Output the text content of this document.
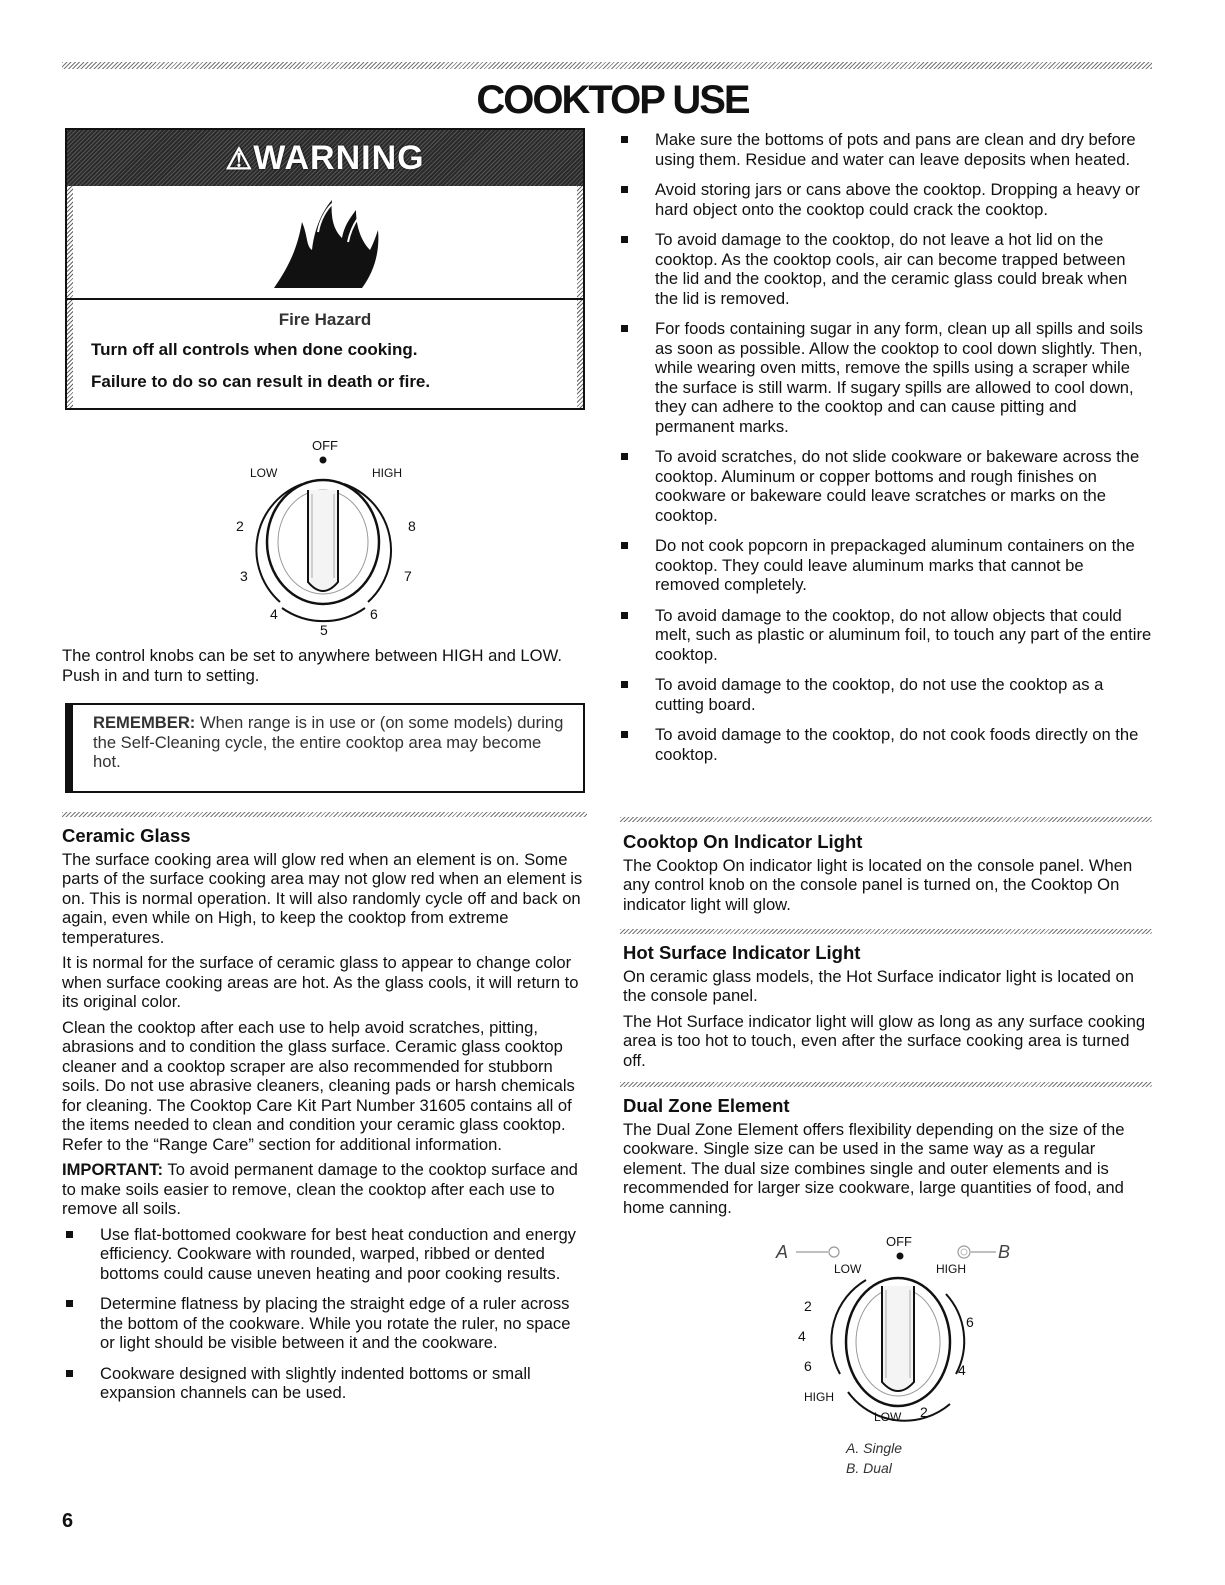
COOKTOP USE
⚠WARNING
Fire Hazard
Turn off all controls when done cooking.
Failure to do so can result in death or fire.
OFF
LOW	HIGH
2
3
4
5
6
7
8

The control knobs can be set to anywhere between HIGH and LOW. Push in and turn to setting.

REMEMBER: When range is in use or (on some models) during the Self-Cleaning cycle, the entire cooktop area may become hot.
Ceramic Glass

The surface cooking area will glow red when an element is on. Some parts of the surface cooking area may not glow red when an element is on. This is normal operation. It will also randomly cycle off and back on again, even while on High, to keep the cooktop from extreme temperatures.

It is normal for the surface of ceramic glass to appear to change color when surface cooking areas are hot. As the glass cools, it will return to its original color.

Clean the cooktop after each use to help avoid scratches, pitting, abrasions and to condition the glass surface. Ceramic glass cooktop cleaner and a cooktop scraper are also recommended for stubborn soils. Do not use abrasive cleaners, cleaning pads or harsh chemicals for cleaning. The Cooktop Care Kit Part Number 31605 contains all of the items needed to clean and condition your ceramic glass cooktop. Refer to the “Range Care” section for additional information.

IMPORTANT: To avoid permanent damage to the cooktop surface and to make soils easier to remove, clean the cooktop after each use to remove all soils.

Use flat-bottomed cookware for best heat conduction and energy efficiency. Cookware with rounded, warped, ribbed or dented bottoms could cause uneven heating and poor cooking results.
Determine flatness by placing the straight edge of a ruler across the bottom of the cookware. While you rotate the ruler, no space or light should be visible between it and the cookware.
Cookware designed with slightly indented bottoms or small expansion channels can be used.
Make sure the bottoms of pots and pans are clean and dry before using them. Residue and water can leave deposits when heated.
Avoid storing jars or cans above the cooktop. Dropping a heavy or hard object onto the cooktop could crack the cooktop.
To avoid damage to the cooktop, do not leave a hot lid on the cooktop. As the cooktop cools, air can become trapped between the lid and the cooktop, and the ceramic glass could break when the lid is removed.
For foods containing sugar in any form, clean up all spills and soils as soon as possible. Allow the cooktop to cool down slightly. Then, while wearing oven mitts, remove the spills using a scraper while the surface is still warm. If sugary spills are allowed to cool down, they can adhere to the cooktop and can cause pitting and permanent marks.
To avoid scratches, do not slide cookware or bakeware across the cooktop. Aluminum or copper bottoms and rough finishes on cookware or bakeware could leave scratches or marks on the cooktop.
Do not cook popcorn in prepackaged aluminum containers on the cooktop. They could leave aluminum marks that cannot be removed completely.
To avoid damage to the cooktop, do not allow objects that could melt, such as plastic or aluminum foil, to touch any part of the entire cooktop.
To avoid damage to the cooktop, do not use the cooktop as a cutting board.
To avoid damage to the cooktop, do not cook foods directly on the cooktop.
Cooktop On Indicator Light

The Cooktop On indicator light is located on the console panel. When any control knob on the console panel is turned on, the Cooktop On indicator light will glow.

Hot Surface Indicator Light

On ceramic glass models, the Hot Surface indicator light is located on the console panel.

The Hot Surface indicator light will glow as long as any surface cooking area is too hot to touch, even after the surface cooking area is turned off.

Dual Zone Element

The Dual Zone Element offers flexibility depending on the size of the cookware. Single size can be used in the same way as a regular element. The dual size combines single and outer elements and is recommended for larger size cookware, large quantities of food, and home canning.

A	B
OFF
LOW	HIGH
2
4
6
HIGH
LOW 2
4
6
A. Single
B. Dual
6
